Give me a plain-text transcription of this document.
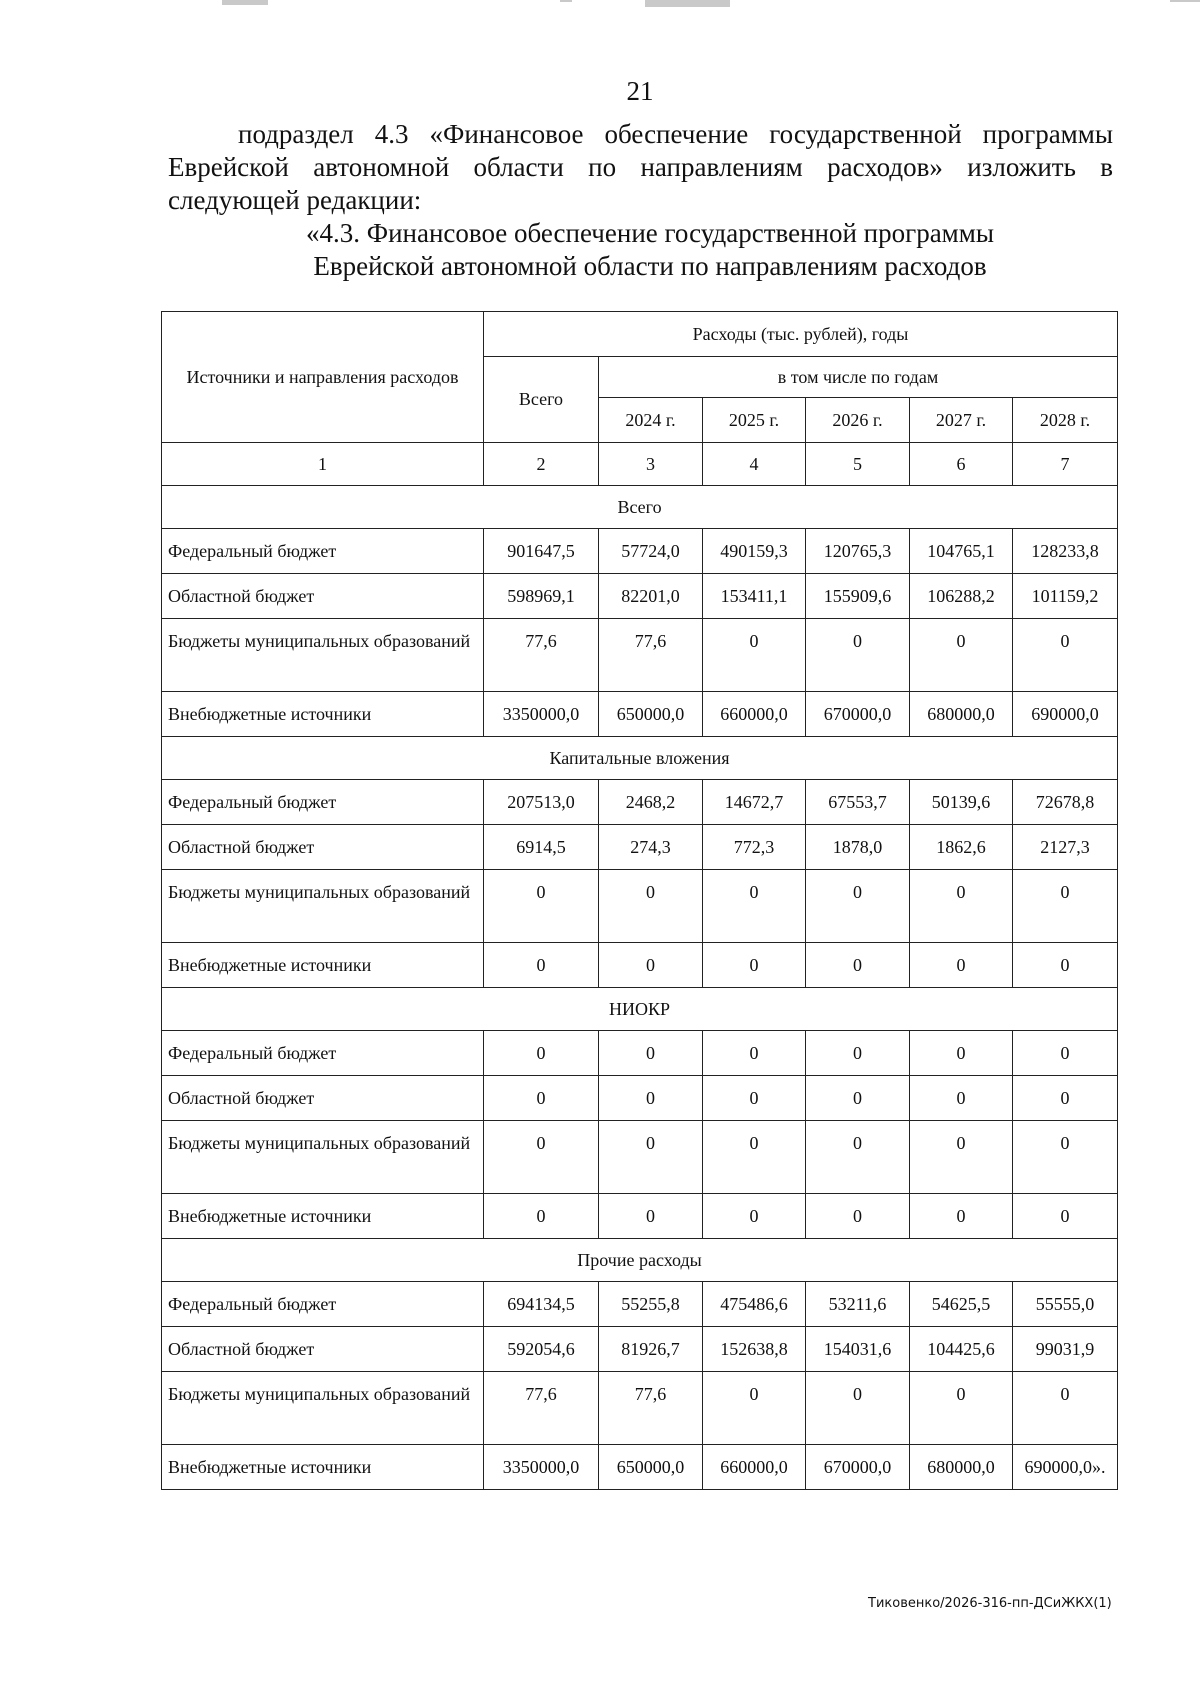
21

подраздел 4.3 «Финансовое обеспечение государственной программы Еврейской автономной области по направлениям расходов» изложить в следующей редакции:

«4.3. Финансовое обеспечение государственной программы
Еврейской автономной области по направлениям расходов
Источники и направления расходов	Расходы (тыс. рублей), годы					
	Всего	в том числе по годам				
		2024 г.	2025 г.	2026 г.	2027 г.	2028 г.
1	2	3	4	5	6	7
Всего						
Федеральный бюджет	901647,5	57724,0	490159,3	120765,3	104765,1	128233,8
Областной бюджет	598969,1	82201,0	153411,1	155909,6	106288,2	101159,2
Бюджеты муниципальных образований	77,6	77,6	0	0	0	0
Внебюджетные источники	3350000,0	650000,0	660000,0	670000,0	680000,0	690000,0
Капитальные вложения						
Федеральный бюджет	207513,0	2468,2	14672,7	67553,7	50139,6	72678,8
Областной бюджет	6914,5	274,3	772,3	1878,0	1862,6	2127,3
Бюджеты муниципальных образований	0	0	0	0	0	0
Внебюджетные источники	0	0	0	0	0	0
НИОКР						
Федеральный бюджет	0	0	0	0	0	0
Областной бюджет	0	0	0	0	0	0
Бюджеты муниципальных образований	0	0	0	0	0	0
Внебюджетные источники	0	0	0	0	0	0
Прочие расходы						
Федеральный бюджет	694134,5	55255,8	475486,6	53211,6	54625,5	55555,0
Областной бюджет	592054,6	81926,7	152638,8	154031,6	104425,6	99031,9
Бюджеты муниципальных образований	77,6	77,6	0	0	0	0
Внебюджетные источники	3350000,0	650000,0	660000,0	670000,0	680000,0	690000,0».
Тиковенко/2026-316-пп-ДСиЖКХ(1)
